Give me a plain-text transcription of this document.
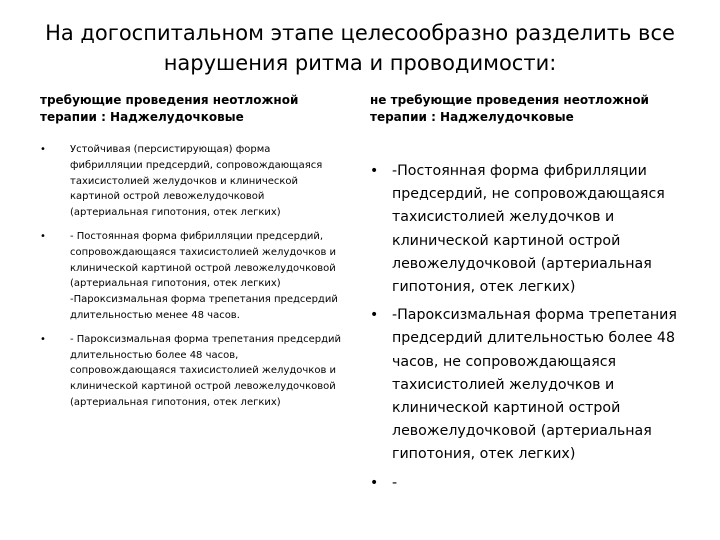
На догоспитальном этапе целесообразно разделить все нарушения ритма и проводимости:
требующие проведения неотложной терапии : Наджелудочковые
не требующие проведения неотложной терапии : Наджелудочковые
• Устойчивая (персистирующая) форма фибрилляции предсердий, сопровождающаяся тахисистолией желудочков и клинической картиной острой левожелудочковой (артериальная гипотония, отек легких)
• - Постоянная форма фибрилляции предсердий, сопровождающаяся тахисистолией желудочков и клинической картиной острой левожелудочковой (артериальная гипотония, отек легких) -Пароксизмальная форма трепетания предсердий длительностью менее 48 часов.
• - Пароксизмальная форма трепетания предсердий длительностью более 48 часов, сопровождающаяся тахисистолией желудочков и клинической картиной острой левожелудочковой (артериальная гипотония, отек легких)
• -Постоянная форма фибрилляции предсердий, не сопровождающаяся тахисистолией желудочков и клинической картиной острой левожелудочковой (артериальная гипотония, отек легких)
• -Пароксизмальная форма трепетания предсердий длительностью более 48 часов, не сопровождающаяся тахисистолией желудочков и клинической картиной острой левожелудочковой (артериальная гипотония, отек легких)
• -
